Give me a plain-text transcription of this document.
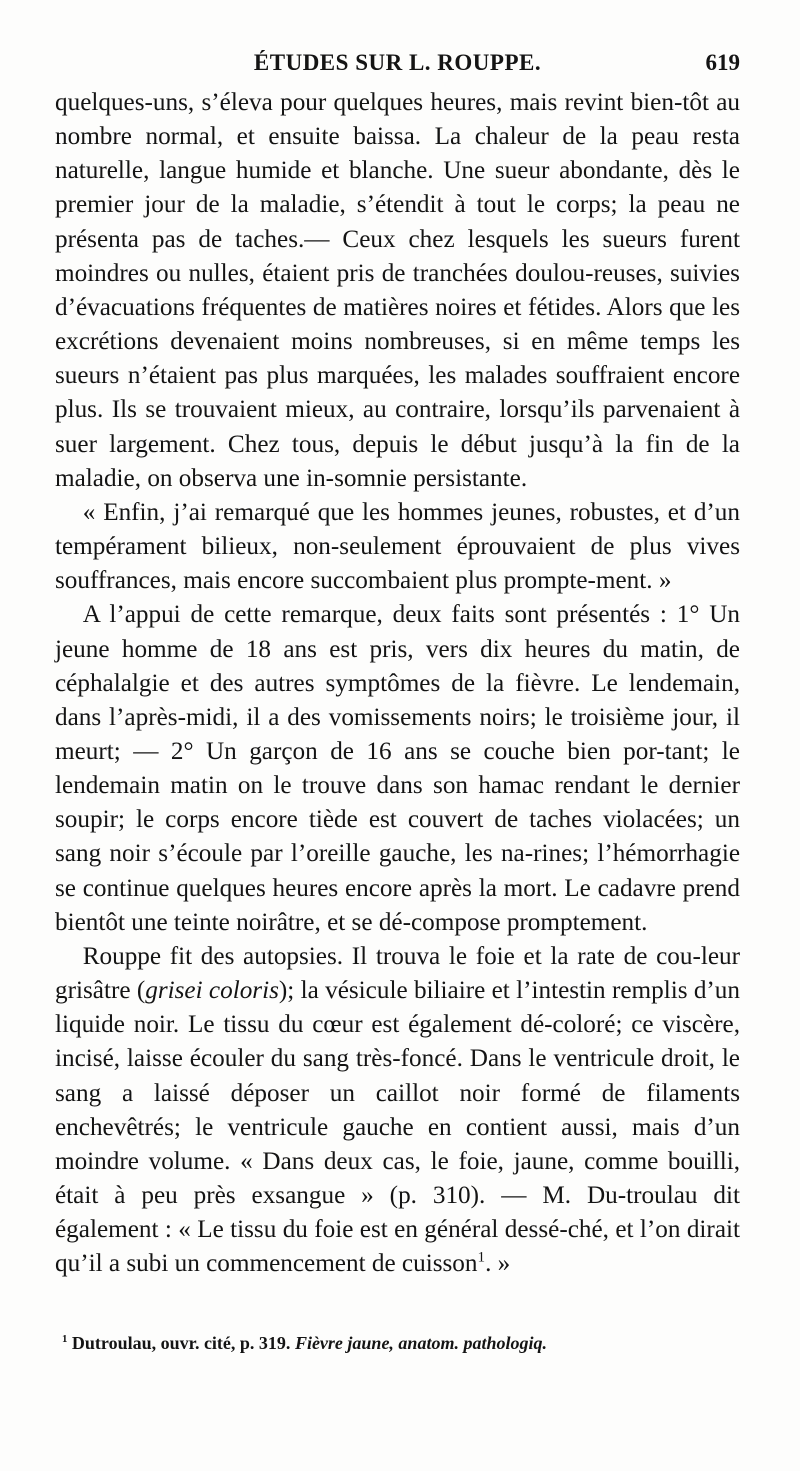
ÉTUDES SUR L. ROUPPE.	619

quelques-uns, s’éleva pour quelques heures, mais revint bien-tôt au nombre normal, et ensuite baissa. La chaleur de la peau resta naturelle, langue humide et blanche. Une sueur abondante, dès le premier jour de la maladie, s’étendit à tout le corps; la peau ne présenta pas de taches.— Ceux chez lesquels les sueurs furent moindres ou nulles, étaient pris de tranchées doulou-reuses, suivies d’évacuations fréquentes de matières noires et fétides. Alors que les excrétions devenaient moins nombreuses, si en même temps les sueurs n’étaient pas plus marquées, les malades souffraient encore plus. Ils se trouvaient mieux, au contraire, lorsqu’ils parvenaient à suer largement. Chez tous, depuis le début jusqu’à la fin de la maladie, on observa une in-somnie persistante.

« Enfin, j’ai remarqué que les hommes jeunes, robustes, et d’un tempérament bilieux, non-seulement éprouvaient de plus vives souffrances, mais encore succombaient plus prompte-ment. »

A l’appui de cette remarque, deux faits sont présentés : 1° Un jeune homme de 18 ans est pris, vers dix heures du matin, de céphalalgie et des autres symptômes de la fièvre. Le lendemain, dans l’après-midi, il a des vomissements noirs; le troisième jour, il meurt; — 2° Un garçon de 16 ans se couche bien por-tant; le lendemain matin on le trouve dans son hamac rendant le dernier soupir; le corps encore tiède est couvert de taches violacées; un sang noir s’écoule par l’oreille gauche, les na-rines; l’hémorrhagie se continue quelques heures encore après la mort. Le cadavre prend bientôt une teinte noirâtre, et se dé-compose promptement.

Rouppe fit des autopsies. Il trouva le foie et la rate de cou-leur grisâtre (grisei coloris); la vésicule biliaire et l’intestin remplis d’un liquide noir. Le tissu du cœur est également dé-coloré; ce viscère, incisé, laisse écouler du sang très-foncé. Dans le ventricule droit, le sang a laissé déposer un caillot noir formé de filaments enchevêtrés; le ventricule gauche en contient aussi, mais d’un moindre volume. « Dans deux cas, le foie, jaune, comme bouilli, était à peu près exsangue » (p. 310). — M. Du-troulau dit également : « Le tissu du foie est en général dessé-ché, et l’on dirait qu’il a subi un commencement de cuisson$^1$. »

$^1$ Dutroulau, ouvr. cité, p. 319. Fièvre jaune, anatom. pathologiq.
